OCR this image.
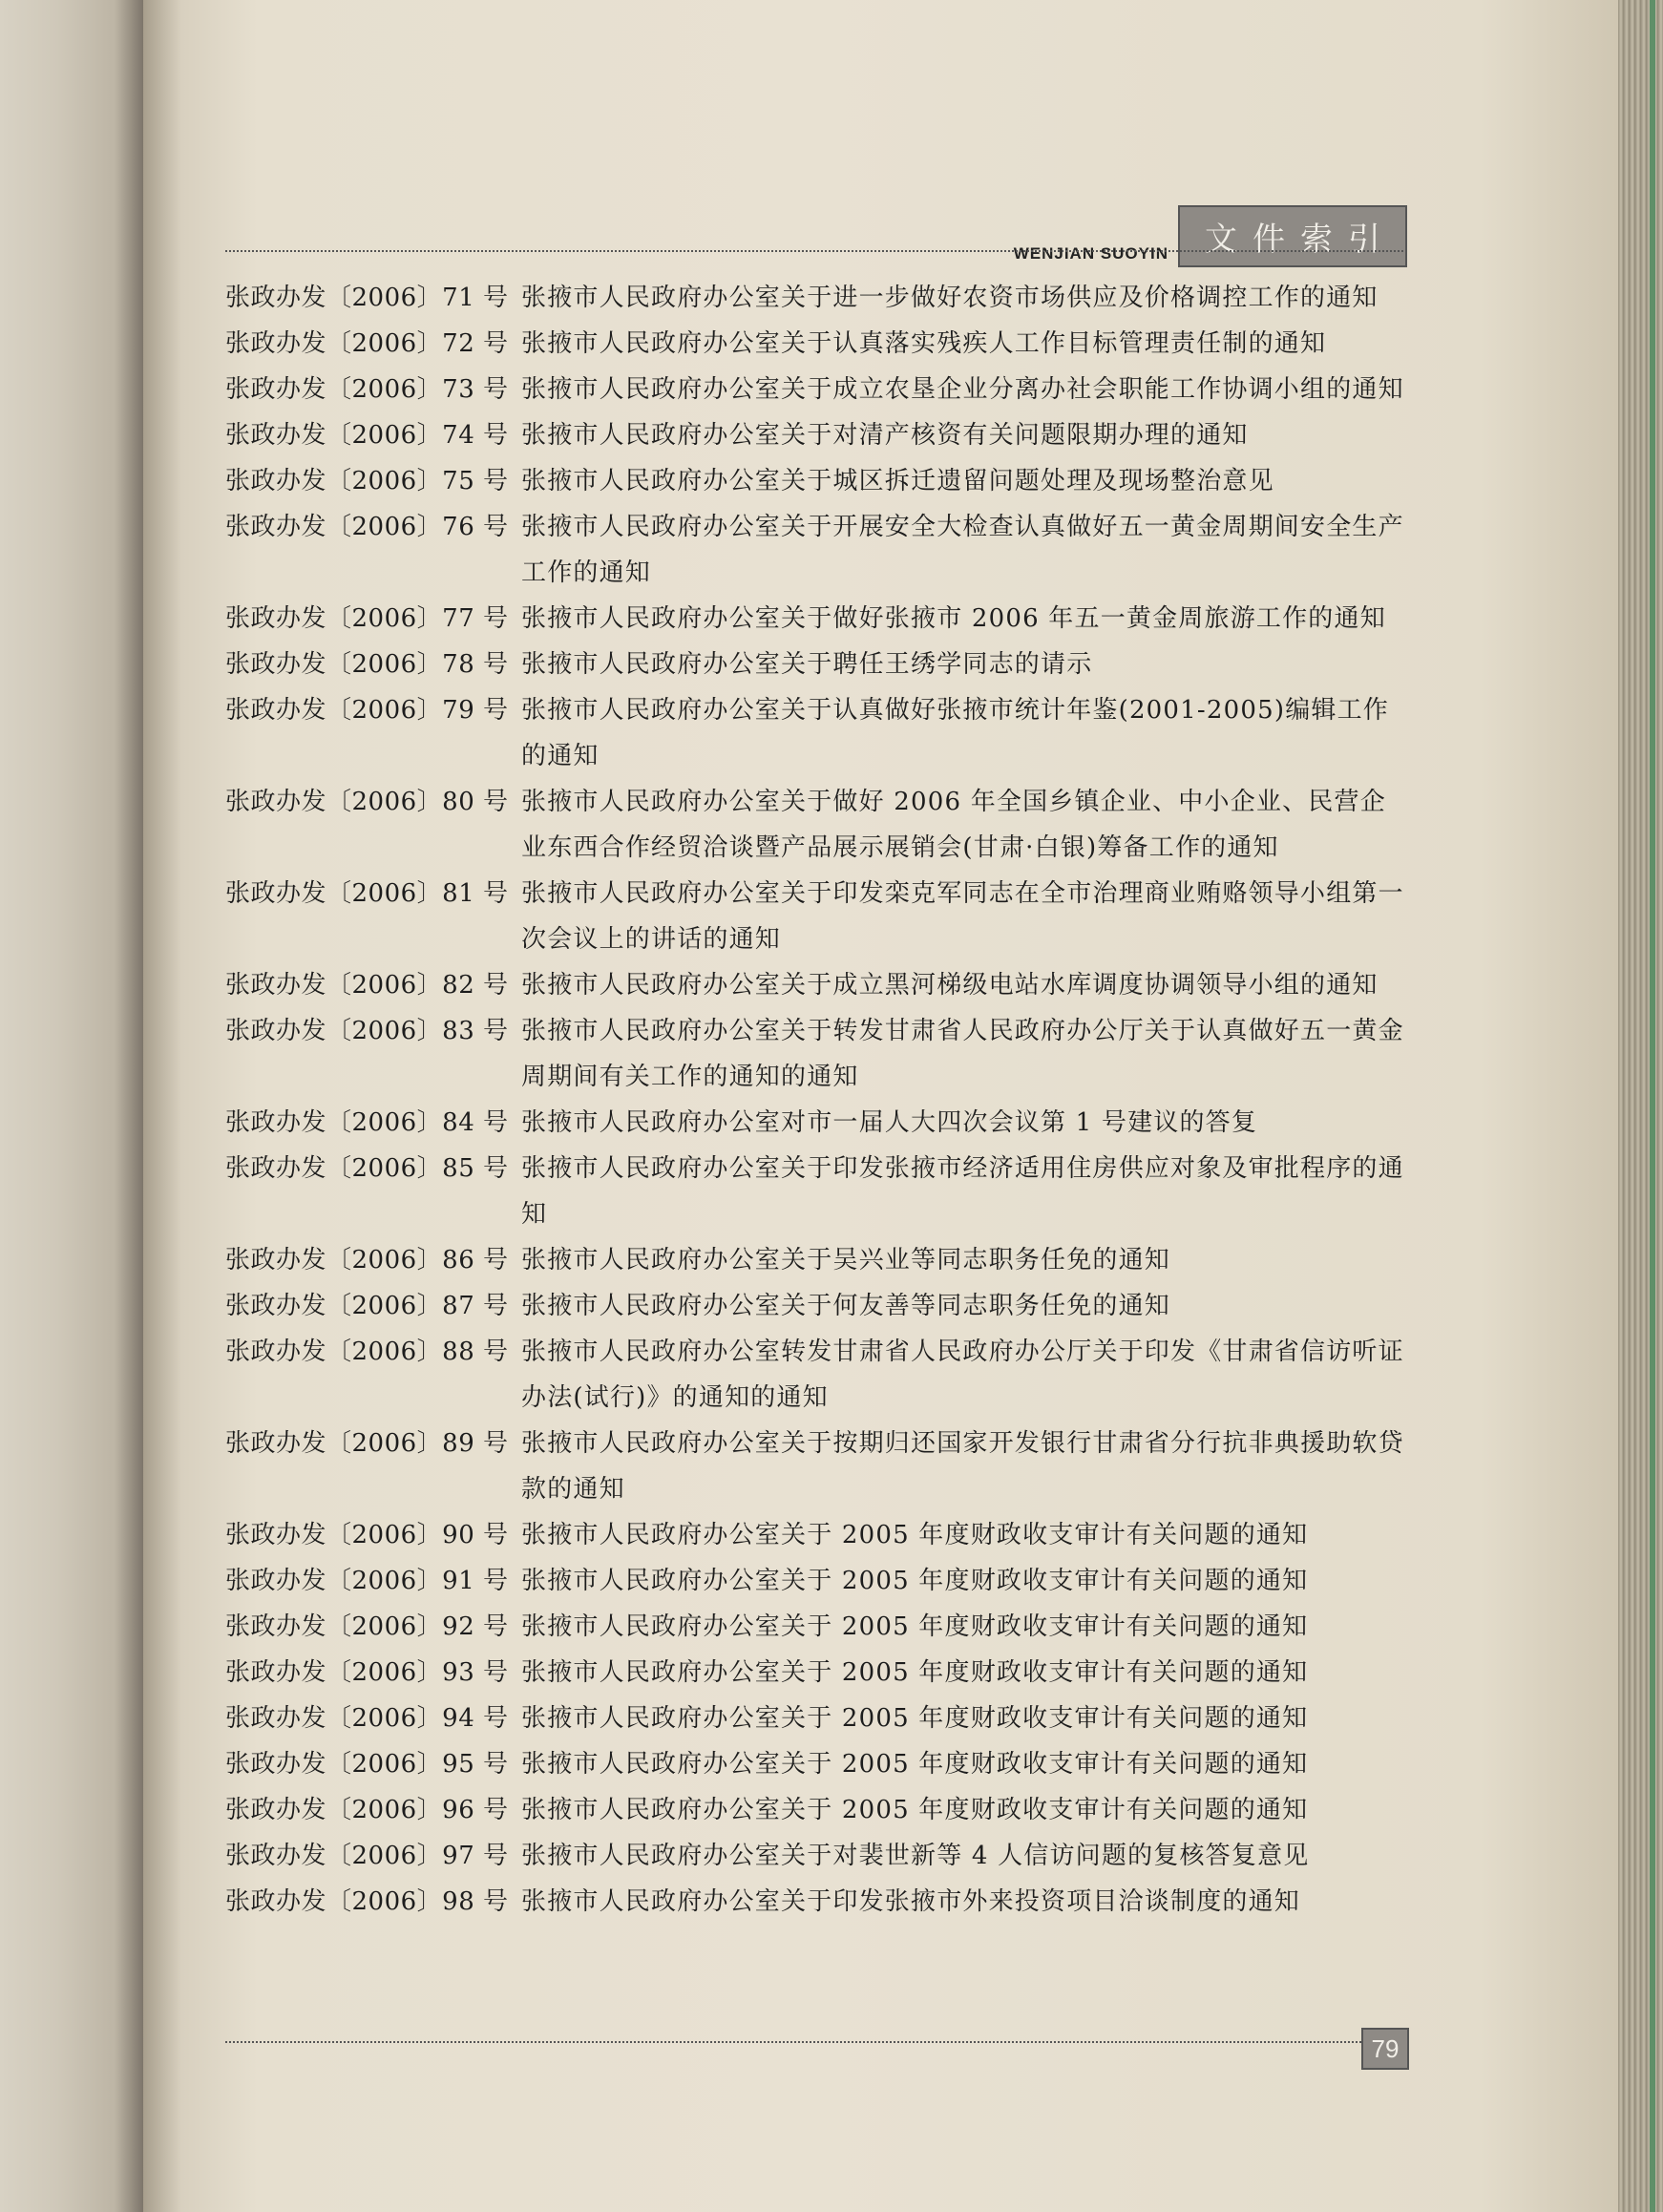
WENJIAN SUOYIN	文件索引
张政办发〔2006〕71 号 张掖市人民政府办公室关于进一步做好农资市场供应及价格调控工作的通知
张政办发〔2006〕72 号 张掖市人民政府办公室关于认真落实残疾人工作目标管理责任制的通知
张政办发〔2006〕73 号 张掖市人民政府办公室关于成立农垦企业分离办社会职能工作协调小组的通知
张政办发〔2006〕74 号 张掖市人民政府办公室关于对清产核资有关问题限期办理的通知
张政办发〔2006〕75 号 张掖市人民政府办公室关于城区拆迁遗留问题处理及现场整治意见
张政办发〔2006〕76 号 张掖市人民政府办公室关于开展安全大检查认真做好五一黄金周期间安全生产工作的通知
张政办发〔2006〕77 号 张掖市人民政府办公室关于做好张掖市 2006 年五一黄金周旅游工作的通知
张政办发〔2006〕78 号 张掖市人民政府办公室关于聘任王绣学同志的请示
张政办发〔2006〕79 号 张掖市人民政府办公室关于认真做好张掖市统计年鉴(2001-2005)编辑工作的通知
张政办发〔2006〕80 号 张掖市人民政府办公室关于做好 2006 年全国乡镇企业、中小企业、民营企业东西合作经贸洽谈暨产品展示展销会(甘肃·白银)筹备工作的通知
张政办发〔2006〕81 号 张掖市人民政府办公室关于印发栾克军同志在全市治理商业贿赂领导小组第一次会议上的讲话的通知
张政办发〔2006〕82 号 张掖市人民政府办公室关于成立黑河梯级电站水库调度协调领导小组的通知
张政办发〔2006〕83 号 张掖市人民政府办公室关于转发甘肃省人民政府办公厅关于认真做好五一黄金周期间有关工作的通知的通知
张政办发〔2006〕84 号 张掖市人民政府办公室对市一届人大四次会议第 1 号建议的答复
张政办发〔2006〕85 号 张掖市人民政府办公室关于印发张掖市经济适用住房供应对象及审批程序的通知
张政办发〔2006〕86 号 张掖市人民政府办公室关于吴兴业等同志职务任免的通知
张政办发〔2006〕87 号 张掖市人民政府办公室关于何友善等同志职务任免的通知
张政办发〔2006〕88 号 张掖市人民政府办公室转发甘肃省人民政府办公厅关于印发《甘肃省信访听证办法(试行)》的通知的通知
张政办发〔2006〕89 号 张掖市人民政府办公室关于按期归还国家开发银行甘肃省分行抗非典援助软贷款的通知
张政办发〔2006〕90 号 张掖市人民政府办公室关于 2005 年度财政收支审计有关问题的通知
张政办发〔2006〕91 号 张掖市人民政府办公室关于 2005 年度财政收支审计有关问题的通知
张政办发〔2006〕92 号 张掖市人民政府办公室关于 2005 年度财政收支审计有关问题的通知
张政办发〔2006〕93 号 张掖市人民政府办公室关于 2005 年度财政收支审计有关问题的通知
张政办发〔2006〕94 号 张掖市人民政府办公室关于 2005 年度财政收支审计有关问题的通知
张政办发〔2006〕95 号 张掖市人民政府办公室关于 2005 年度财政收支审计有关问题的通知
张政办发〔2006〕96 号 张掖市人民政府办公室关于 2005 年度财政收支审计有关问题的通知
张政办发〔2006〕97 号 张掖市人民政府办公室关于对裴世新等 4 人信访问题的复核答复意见
张政办发〔2006〕98 号 张掖市人民政府办公室关于印发张掖市外来投资项目洽谈制度的通知
79
